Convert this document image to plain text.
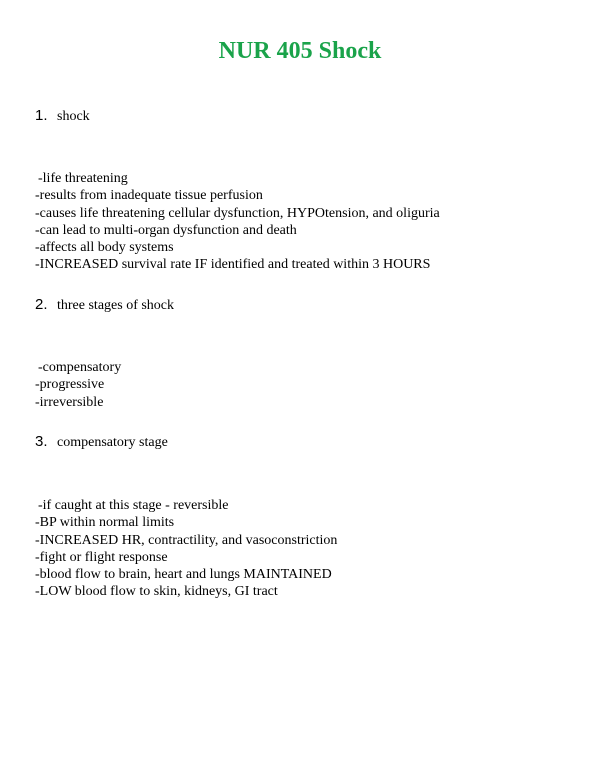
NUR 405 Shock
1. shock
-life threatening
-results from inadequate tissue perfusion
-causes life threatening cellular dysfunction, HYPOtension, and oliguria
-can lead to multi-organ dysfunction and death
-affects all body systems
-INCREASED survival rate IF identified and treated within 3 HOURS
2. three stages of shock
-compensatory
-progressive
-irreversible
3. compensatory stage
-if caught at this stage - reversible
-BP within normal limits
-INCREASED HR, contractility, and vasoconstriction
-fight or flight response
-blood flow to brain, heart and lungs MAINTAINED
-LOW blood flow to skin, kidneys, GI tract
